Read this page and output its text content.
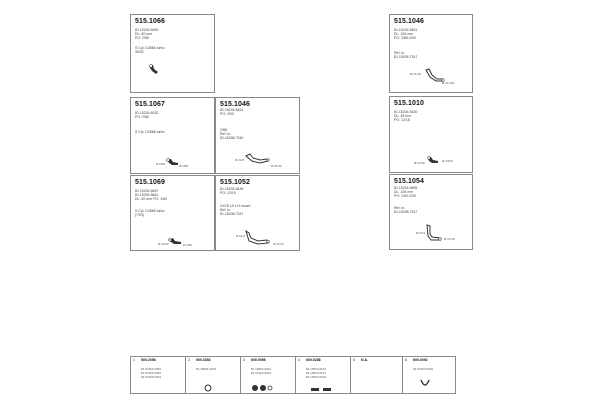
515.1066
81.15204.5460
DL: 60 mm
PO: 2/86
S Cyl. D2866 turbo
35/02
515.1046
81.15204.5461
DL: 105 mm
PO: 2/88-2/90
Ref. to
81.15008.7347
Ø 21/18
Ø 21/120
515.1067
81.15204.6032
PO: 2/86
S Cyl. D2866 turbo
Ø 2/98	Ø 2/86
515.1046
81.15204.5461
PO: 2/90
2/88
Ref. to
81.15008.7340
Ø 21/8
Ø 21/19
515.1010
81.15204.5430
DL: 45 mm
PO: 12/18
Ø 12/18	Ø 2/115
515.1069
81.15204.5667
81.15204.5661
DL: 60 mm PO: 1/89
S Cyl. D2866 turbo
(7/93)
Ø 2/132	Ø 2/90
515.1052
81.15204.5436
PO: 12/19
24/78 LH LH mount
Ref. to
81.15008.7347
Ø 21/4
Ø 21/19
515.1054
81.15204.5665
DL: 106 mm
PO: 1/90-2/90
Ref. to
81.15008.7347
Ø 21/4
Ø 21/19
1 500.2058
81.97409.0065
81.97409.0262
81.97409.0263
2 500.3353
81.15001.0010
3 600.0098
81.16962.0010
81.97422.0012
4 600.0288
81.15520.0102
81.15520.0107
81.15520.0109
5 N.A.	6 600.0092
81.97402.5240
